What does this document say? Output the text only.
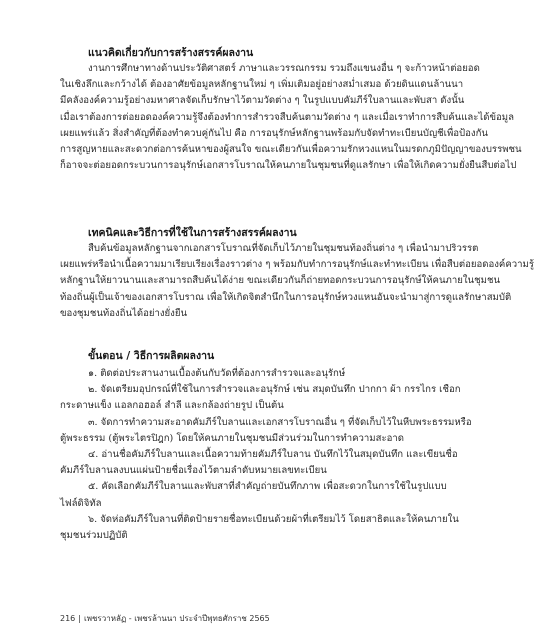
แนวคิดเกี่ยวกับการสร้างสรรค์ผลงาน
งานการศึกษาทางด้านประวัติศาสตร์ ภาษาและวรรณกรรม รวมถึงแขนงอื่น ๆ จะก้าวหน้าต่อยอด
ในเชิงลึกและกว้างได้ ต้องอาศัยข้อมูลหลักฐานใหม่ ๆ เพิ่มเติมอยู่อย่างสม่ำเสมอ ด้วยดินแดนล้านนา
มีคลังองค์ความรู้อย่างมหาศาลจัดเก็บรักษาไว้ตามวัดต่าง ๆ ในรูปแบบคัมภีร์ใบลานและพับสา ดังนั้น
เมื่อเราต้องการต่อยอดองค์ความรู้จึงต้องทำการสำรวจสืบค้นตามวัดต่าง ๆ และเมื่อเราทำการสืบค้นและได้ข้อมูล
เผยแพร่แล้ว สิ่งสำคัญที่ต้องทำควบคู่กันไป คือ การอนุรักษ์หลักฐานพร้อมกับจัดทำทะเบียนบัญชีเพื่อป้องกัน
การสูญหายและสะดวกต่อการค้นหาของผู้สนใจ ขณะเดียวกันเพื่อความรักหวงแหนในมรดกภูมิปัญญาของบรรพชน
ก็อาจจะต่อยอดกระบวนการอนุรักษ์เอกสารโบราณให้คนภายในชุมชนที่ดูแลรักษา เพื่อให้เกิดความยั่งยืนสืบต่อไป
เทคนิคและวิธีการที่ใช้ในการสร้างสรรค์ผลงาน
สืบค้นข้อมูลหลักฐานจากเอกสารโบราณที่จัดเก็บไว้ภายในชุมชนท้องถิ่นต่าง ๆ เพื่อนำมาปริวรรต
เผยแพร่หรือนำเนื้อความมาเรียบเรียงเรื่องราวต่าง ๆ พร้อมกับทำการอนุรักษ์และทำทะเบียน เพื่อสืบต่อยอดองค์ความรู้
หลักฐานให้ยาวนานและสามารถสืบค้นได้ง่าย ขณะเดียวกันก็ถ่ายทอดกระบวนการอนุรักษ์ให้คนภายในชุมชน
ท้องถิ่นผู้เป็นเจ้าของเอกสารโบราณ เพื่อให้เกิดจิตสำนึกในการอนุรักษ์หวงแหนอันจะนำมาสู่การดูแลรักษาสมบัติ
ของชุมชนท้องถิ่นได้อย่างยั่งยืน
ขั้นตอน / วิธีการผลิตผลงาน
๑. ติดต่อประสานงานเบื้องต้นกับวัดที่ต้องการสำรวจและอนุรักษ์
๒. จัดเตรียมอุปกรณ์ที่ใช้ในการสำรวจและอนุรักษ์ เช่น สมุดบันทึก ปากกา ผ้า กรรไกร เชือก
กระดาษแข็ง แอลกอฮอล์ สำลี และกล้องถ่ายรูป เป็นต้น
๓. จัดการทำความสะอาดคัมภีร์ใบลานและเอกสารโบราณอื่น ๆ ที่จัดเก็บไว้ในหีบพระธรรมหรือ
ตู้พระธรรม (ตู้พระไตรปิฎก) โดยให้คนภายในชุมชนมีส่วนร่วมในการทำความสะอาด
๔. อ่านชื่อคัมภีร์ใบลานและเนื้อความท้ายคัมภีร์ใบลาน บันทึกไว้ในสมุดบันทึก และเขียนชื่อ
คัมภีร์ใบลานลงบนแผ่นป้ายชื่อเรื่องไว้ตามลำดับหมายเลขทะเบียน
๕. คัดเลือกคัมภีร์ใบลานและพับสาที่สำคัญถ่ายบันทึกภาพ เพื่อสะดวกในการใช้ในรูปแบบ
ไฟล์ดิจิทัล
๖. จัดห่อคัมภีร์ใบลานที่ติดป้ายรายชื่อทะเบียนด้วยผ้าที่เตรียมไว้ โดยสาธิตและให้คนภายใน
ชุมชนร่วมปฏิบัติ
216 | เพชรวาหลัฏ - เพชรล้านนา ประจำปีพุทธศักราช 2565
